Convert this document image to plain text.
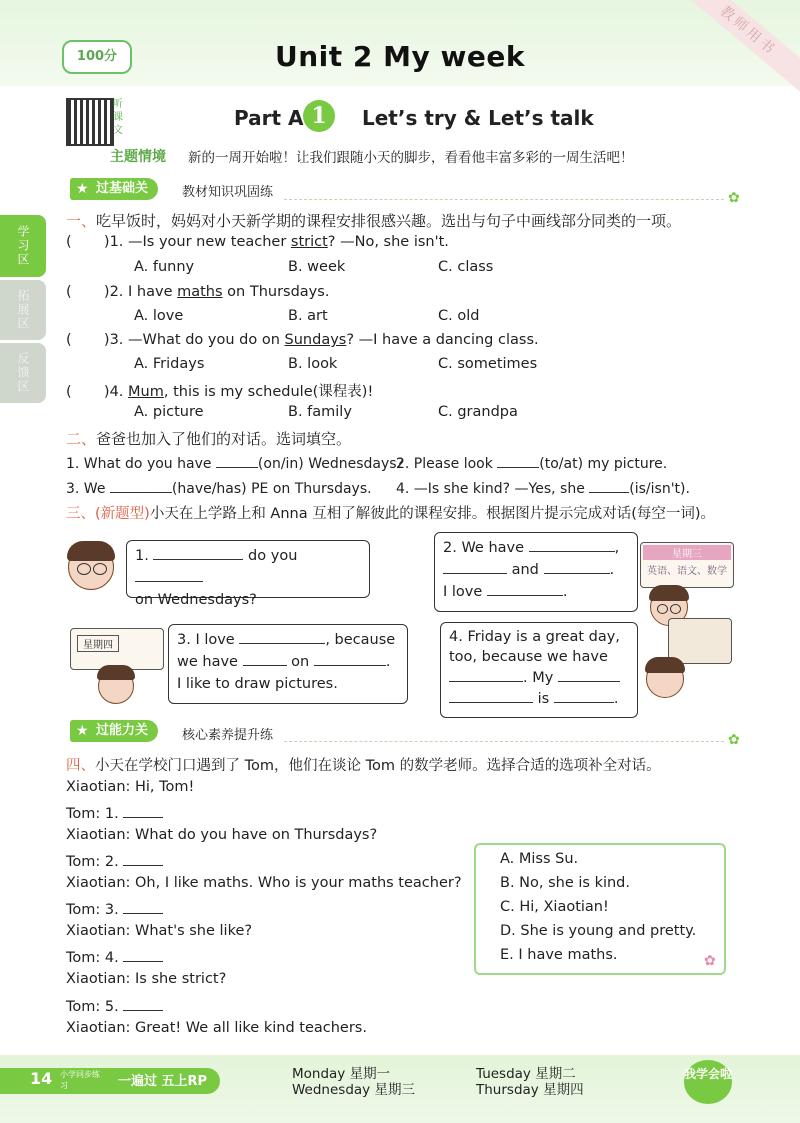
100分	Unit 2 My week	教师用书
听课文
Part A 1	Let’s try & Let’s talk
主题情境 新的一周开始啦！让我们跟随小天的脚步，看看他丰富多彩的一周生活吧！
学习区
拓展区
反馈区
★ 过基础关	教材知识巩固练	✿
一、吃早饭时，妈妈对小天新学期的课程安排很感兴趣。选出与句子中画线部分同类的一项。
(       )1. —Is your new teacher strict? —No, she isn't.
A. funny	B. week	C. class
(       )2. I have maths on Thursdays.
A. love	B. art	C. old
(       )3. —What do you do on Sundays? —I have a dancing class.
A. Fridays	B. look	C. sometimes
(       )4. Mum, this is my schedule(课程表)!
A. picture	B. family	C. grandpa
二、爸爸也加入了他们的对话。选词填空。
1. What do you have	(on/in) Wednesdays?
2. Please look	(to/at) my picture.
3. We	(have/has) PE on Thursdays. 4. —Is she kind? —Yes, she	(is/isn't).
三、(新题型)小天在上学路上和 Anna 互相了解彼此的课程安排。根据图片提示完成对话(每空一词)。
1.	do you
on Wednesdays?
2. We have	,
and	.
I love	.
星期三
英语、语文、数学
星期四	3. I love	, because
we have	on	.
I like to draw pictures.
4. Friday is a great day,
too, because we have
. My
is	.
★ 过能力关	核心素养提升练	✿
四、小天在学校门口遇到了 Tom，他们在谈论 Tom 的数学老师。选择合适的选项补全对话。
Xiaotian: Hi, Tom!
Tom: 1.
Xiaotian: What do you have on Thursdays?
Tom: 2.
Xiaotian: Oh, I like maths. Who is your maths teacher?
Tom: 3.
Xiaotian: What's she like?
Tom: 4.
Xiaotian: Is she strict?
Tom: 5.
Xiaotian: Great! We all like kind teachers.
A. Miss Su.
B. No, she is kind.
C. Hi, Xiaotian!
D. She is young and pretty.
E. I have maths.	✿
14 小学同步练习	一遍过 五上RP	Monday 星期一	Tuesday 星期二
Wednesday 星期三	Thursday 星期四
我学会啦
